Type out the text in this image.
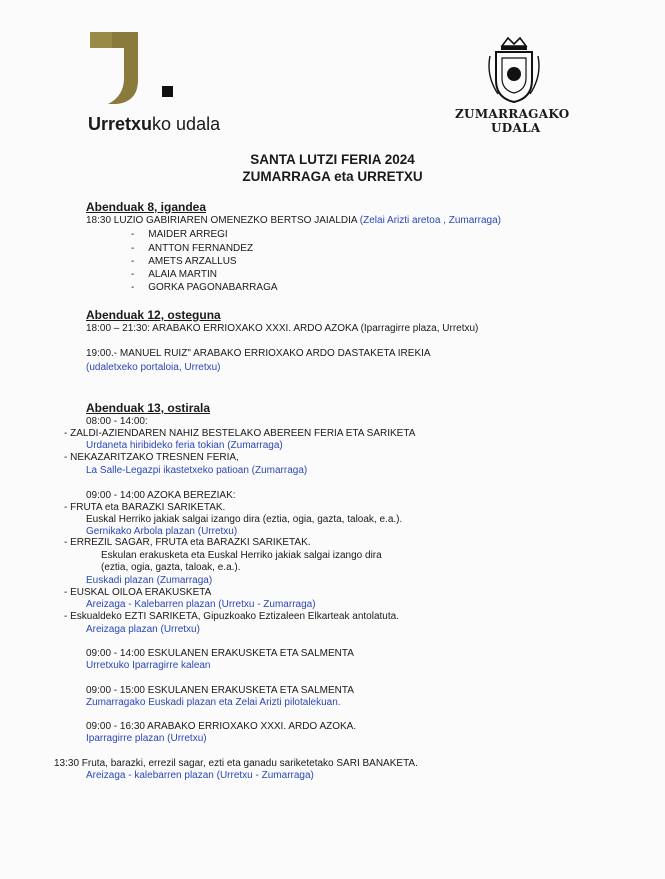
Urretxuko udala	ZUMARRAGAKO
UDALA
SANTA LUTZI FERIA 2024
ZUMARRAGA eta URRETXU
Abenduak 8, igandea
18:30 LUZIO GABIRIAREN OMENEZKO BERTSO JAIALDIA (Zelai Arizti aretoa , Zumarraga)
-     MAIDER ARREGI
-     ANTTON FERNANDEZ
-     AMETS ARZALLUS
-     ALAIA MARTIN
-     GORKA PAGONABARRAGA
Abenduak 12, osteguna
18:00 – 21:30: ARABAKO ERRIOXAKO XXXI. ARDO AZOKA (Iparragirre plaza, Urretxu)
19:00.- MANUEL RUIZ" ARABAKO ERRIOXAKO ARDO DASTAKETA IREKIA
(udaletxeko portaloia, Urretxu)
Abenduak 13, ostirala
08:00 - 14:00:
- ZALDI-AZIENDAREN NAHIZ BESTELAKO ABEREEN FERIA ETA SARIKETA
Urdaneta hiribideko feria tokian (Zumarraga)
- NEKAZARITZAKO TRESNEN FERIA,
La Salle-Legazpi ikastetxeko patioan (Zumarraga)
09:00 - 14:00 AZOKA BEREZIAK:
- FRUTA eta BARAZKI SARIKETAK.
Euskal Herriko jakiak salgai izango dira (eztia, ogia, gazta, taloak, e.a.).
Gernikako Arbola plazan (Urretxu)
- ERREZIL SAGAR, FRUTA eta BARAZKI SARIKETAK.
Eskulan erakusketa eta Euskal Herriko jakiak salgai izango dira
(eztia, ogia, gazta, taloak, e.a.).
Euskadi plazan (Zumarraga)
- EUSKAL OILOA ERAKUSKETA
Areizaga - Kalebarren plazan (Urretxu - Zumarraga)
- Eskualdeko EZTI SARIKETA, Gipuzkoako Eztizaleen Elkarteak antolatuta.
Areizaga plazan (Urretxu)
09:00 - 14:00 ESKULANEN ERAKUSKETA ETA SALMENTA
Urretxuko Iparragirre kalean
09:00 - 15:00 ESKULANEN ERAKUSKETA ETA SALMENTA
Zumarragako Euskadi plazan eta Zelai Arizti pilotalekuan.
09:00 - 16:30 ARABAKO ERRIOXAKO XXXI. ARDO AZOKA.
Iparragirre plazan (Urretxu)
13:30 Fruta, barazki, errezil sagar, ezti eta ganadu sariketetako SARI BANAKETA.
Areizaga - kalebarren plazan (Urretxu - Zumarraga)
